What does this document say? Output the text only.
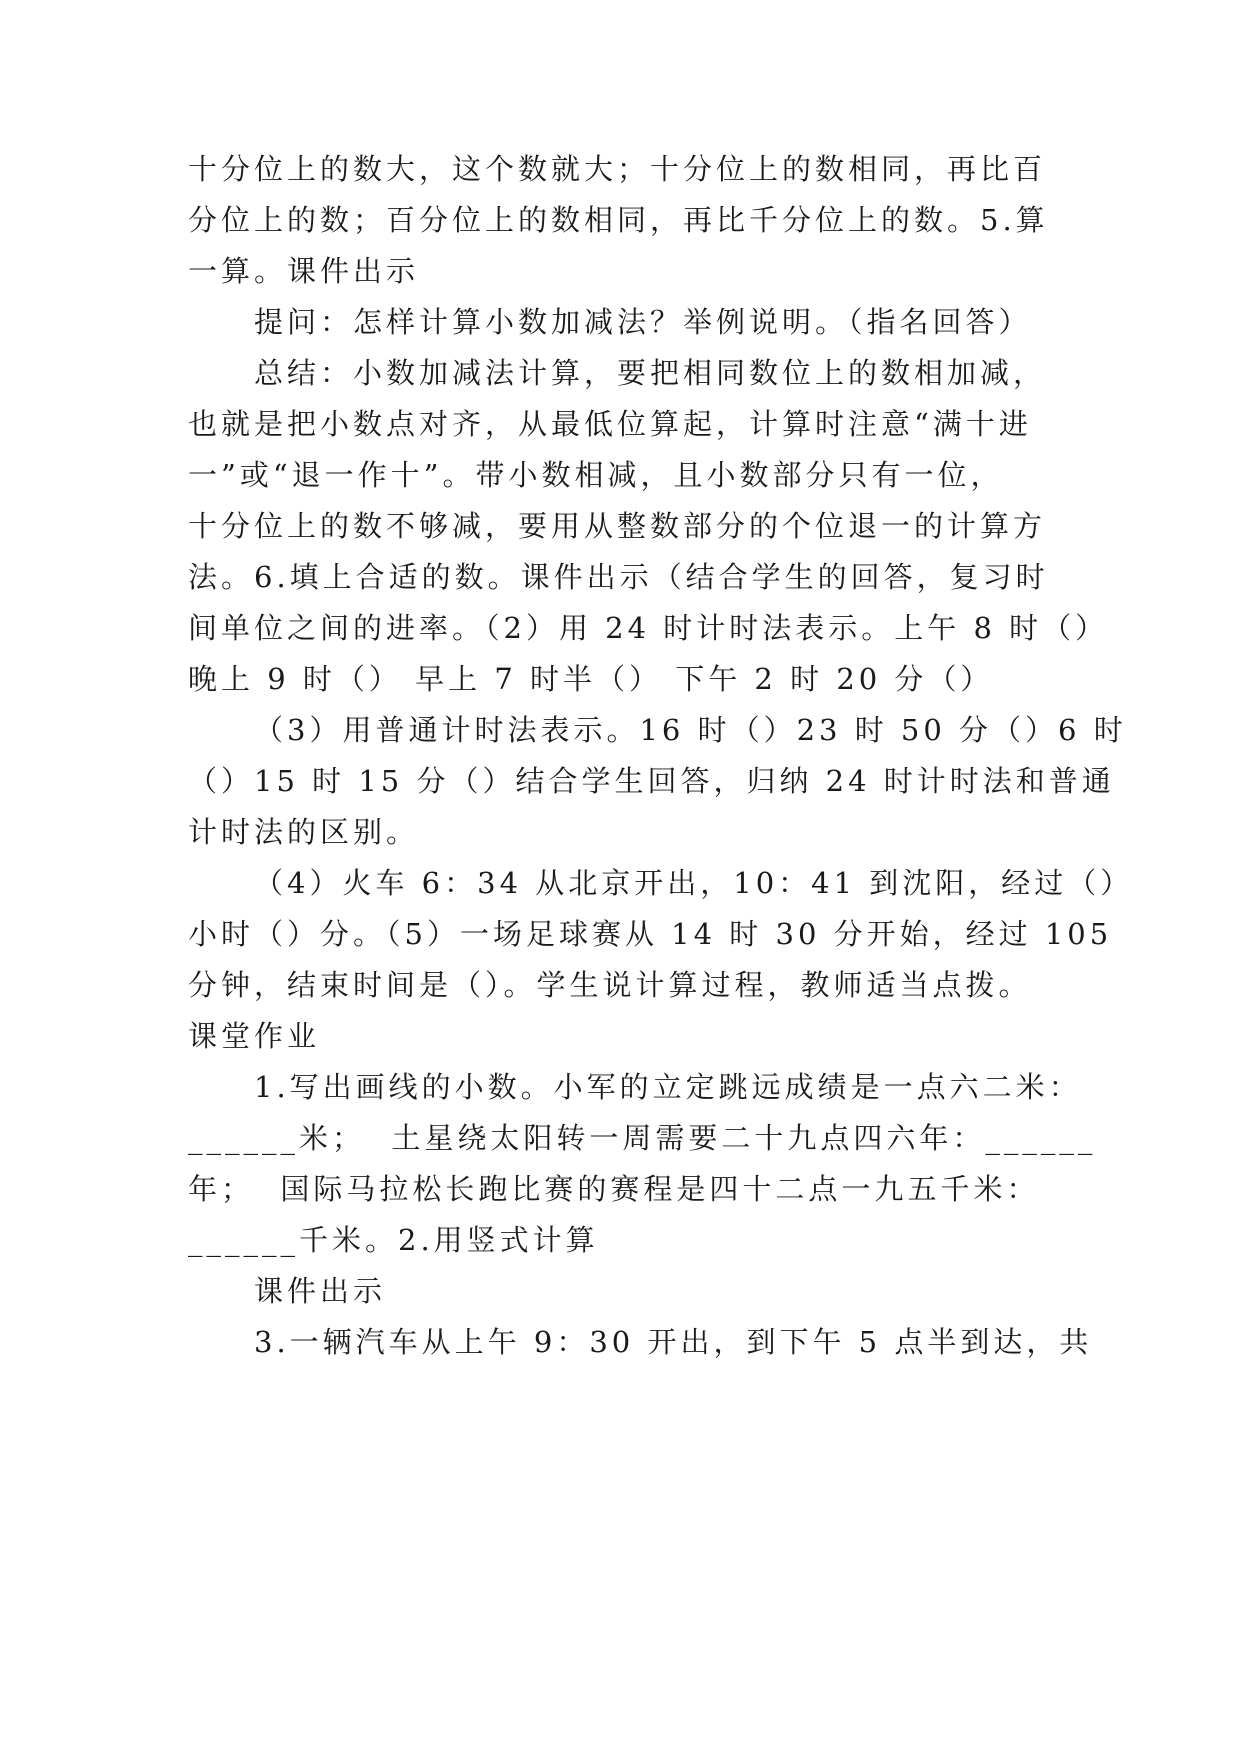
十分位上的数大，这个数就大；十分位上的数相同，再比百
分位上的数；百分位上的数相同，再比千分位上的数。5.算
一算。课件出示
提问：怎样计算小数加减法？举例说明。（指名回答）
总结：小数加减法计算，要把相同数位上的数相加减，
也就是把小数点对齐，从最低位算起，计算时注意“满十进
一”或“退一作十”。带小数相减，且小数部分只有一位，
十分位上的数不够减，要用从整数部分的个位退一的计算方
法。6.填上合适的数。课件出示（结合学生的回答，复习时
间单位之间的进率。（2）用 24 时计时法表示。上午 8 时（）
晚上 9 时（） 早上 7 时半（） 下午 2 时 20 分（）
（3）用普通计时法表示。16 时（）23 时 50 分（）6 时
（）15 时 15 分（）结合学生回答，归纳 24 时计时法和普通
计时法的区别。
（4）火车 6：34 从北京开出，10：41 到沈阳，经过（）
小时（）分。（5）一场足球赛从 14 时 30 分开始，经过 105
分钟，结束时间是（）。学生说计算过程，教师适当点拨。
课堂作业
1.写出画线的小数。小军的立定跳远成绩是一点六二米：
______米；  土星绕太阳转一周需要二十九点四六年：______
年；  国际马拉松长跑比赛的赛程是四十二点一九五千米：
______千米。2.用竖式计算
课件出示
3.一辆汽车从上午 9：30 开出，到下午 5 点半到达，共
